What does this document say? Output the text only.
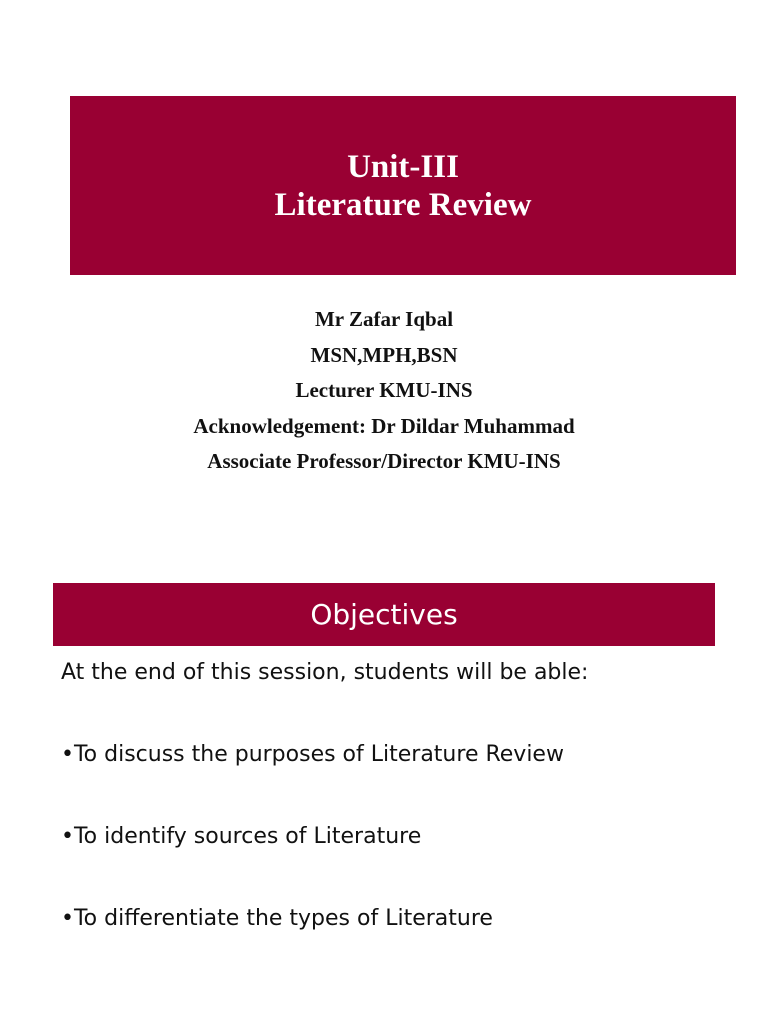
Unit-III
Literature Review
Mr Zafar Iqbal
MSN,MPH,BSN
Lecturer KMU-INS
Acknowledgement: Dr Dildar Muhammad
Associate Professor/Director KMU-INS
Objectives

At the end of this session, students will be able:

•To discuss the purposes of Literature Review

•To identify sources of Literature

•To differentiate the types of Literature
